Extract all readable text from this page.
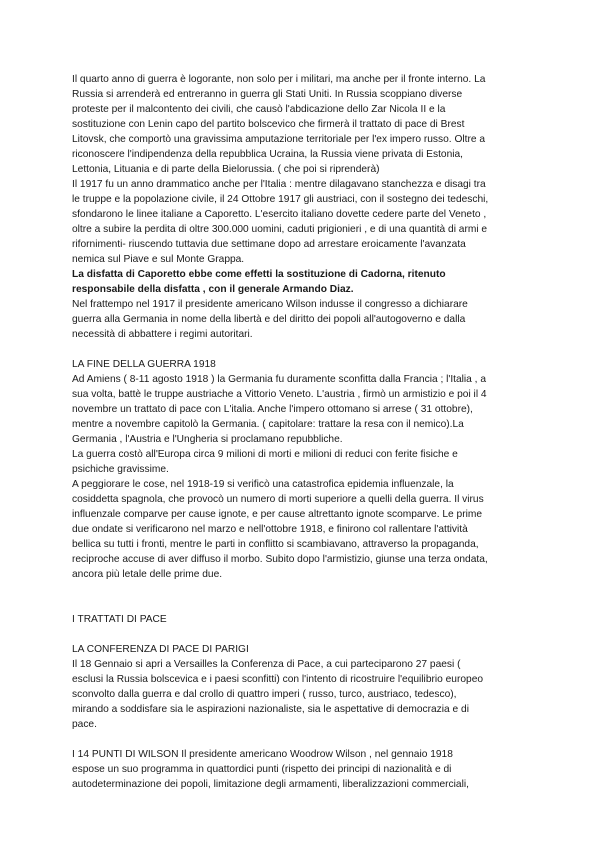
Il quarto anno di guerra è logorante, non solo per i militari, ma anche per il fronte interno. La
Russia si arrenderà ed entreranno in guerra gli Stati Uniti. In Russia scoppiano diverse
proteste per il malcontento dei civili, che causò l'abdicazione dello Zar Nicola II e la
sostituzione con Lenin capo del partito bolscevico che firmerà il trattato di pace di Brest
Litovsk, che comportò una gravissima amputazione territoriale per l'ex impero russo. Oltre a
riconoscere l'indipendenza della repubblica Ucraina, la Russia viene privata di Estonia,
Lettonia, Lituania e di parte della Bielorussia. ( che poi si riprenderà)
Il 1917 fu un anno drammatico anche per l'Italia : mentre dilagavano stanchezza e disagi tra
le truppe e la popolazione civile, il 24 Ottobre 1917 gli austriaci, con il sostegno dei tedeschi,
sfondarono le linee italiane a Caporetto. L'esercito italiano dovette cedere parte del Veneto ,
oltre a subire la perdita di oltre 300.000 uomini, caduti prigionieri , e di una quantità di armi e
rifornimenti- riuscendo tuttavia due settimane dopo ad arrestare eroicamente l'avanzata
nemica sul Piave e sul Monte Grappa.
La disfatta di Caporetto ebbe come effetti la sostituzione di Cadorna, ritenuto
responsabile della disfatta , con il generale Armando Diaz.
Nel frattempo nel 1917 il presidente americano Wilson indusse il congresso a dichiarare
guerra alla Germania in nome della libertà e del diritto dei popoli all'autogoverno e dalla
necessità di abbattere i regimi autoritari.
LA FINE DELLA GUERRA 1918
Ad Amiens ( 8-11 agosto 1918 ) la Germania fu duramente sconfitta dalla Francia ; l'Italia , a
sua volta, battè le truppe austriache a Vittorio Veneto. L'austria , firmò un armistizio e poi il 4
novembre un trattato di pace con L'italia. Anche l'impero ottomano si arrese ( 31 ottobre),
mentre a novembre capitolò la Germania. ( capitolare: trattare la resa con il nemico).La
Germania , l'Austria e l'Ungheria si proclamano repubbliche.
La guerra costò all'Europa circa 9 milioni di morti e milioni di reduci con ferite fisiche e
psichiche gravissime.
A peggiorare le cose, nel 1918-19 si verificò una catastrofica epidemia influenzale, la
cosiddetta spagnola, che provocò un numero di morti superiore a quelli della guerra. Il virus
influenzale comparve per cause ignote, e per cause altrettanto ignote scomparve. Le prime
due ondate si verificarono nel marzo e nell'ottobre 1918, e finirono col rallentare l'attività
bellica su tutti i fronti, mentre le parti in conflitto si scambiavano, attraverso la propaganda,
reciproche accuse di aver diffuso il morbo. Subito dopo l'armistizio, giunse una terza ondata,
ancora più letale delle prime due.
I TRATTATI DI PACE
LA CONFERENZA DI PACE DI PARIGI
Il 18 Gennaio si apri a Versailles la Conferenza di Pace, a cui parteciparono 27 paesi (
esclusi la Russia bolscevica e i paesi sconfitti) con l'intento di ricostruire l'equilibrio europeo
sconvolto dalla guerra e dal crollo di quattro imperi ( russo, turco, austriaco, tedesco),
mirando a soddisfare sia le aspirazioni nazionaliste, sia le aspettative di democrazia e di
pace.
I 14 PUNTI DI WILSON Il presidente americano Woodrow Wilson , nel gennaio 1918
espose un suo programma in quattordici punti (rispetto dei principi di nazionalità e di
autodeterminazione dei popoli, limitazione degli armamenti, liberalizzazioni commerciali,
